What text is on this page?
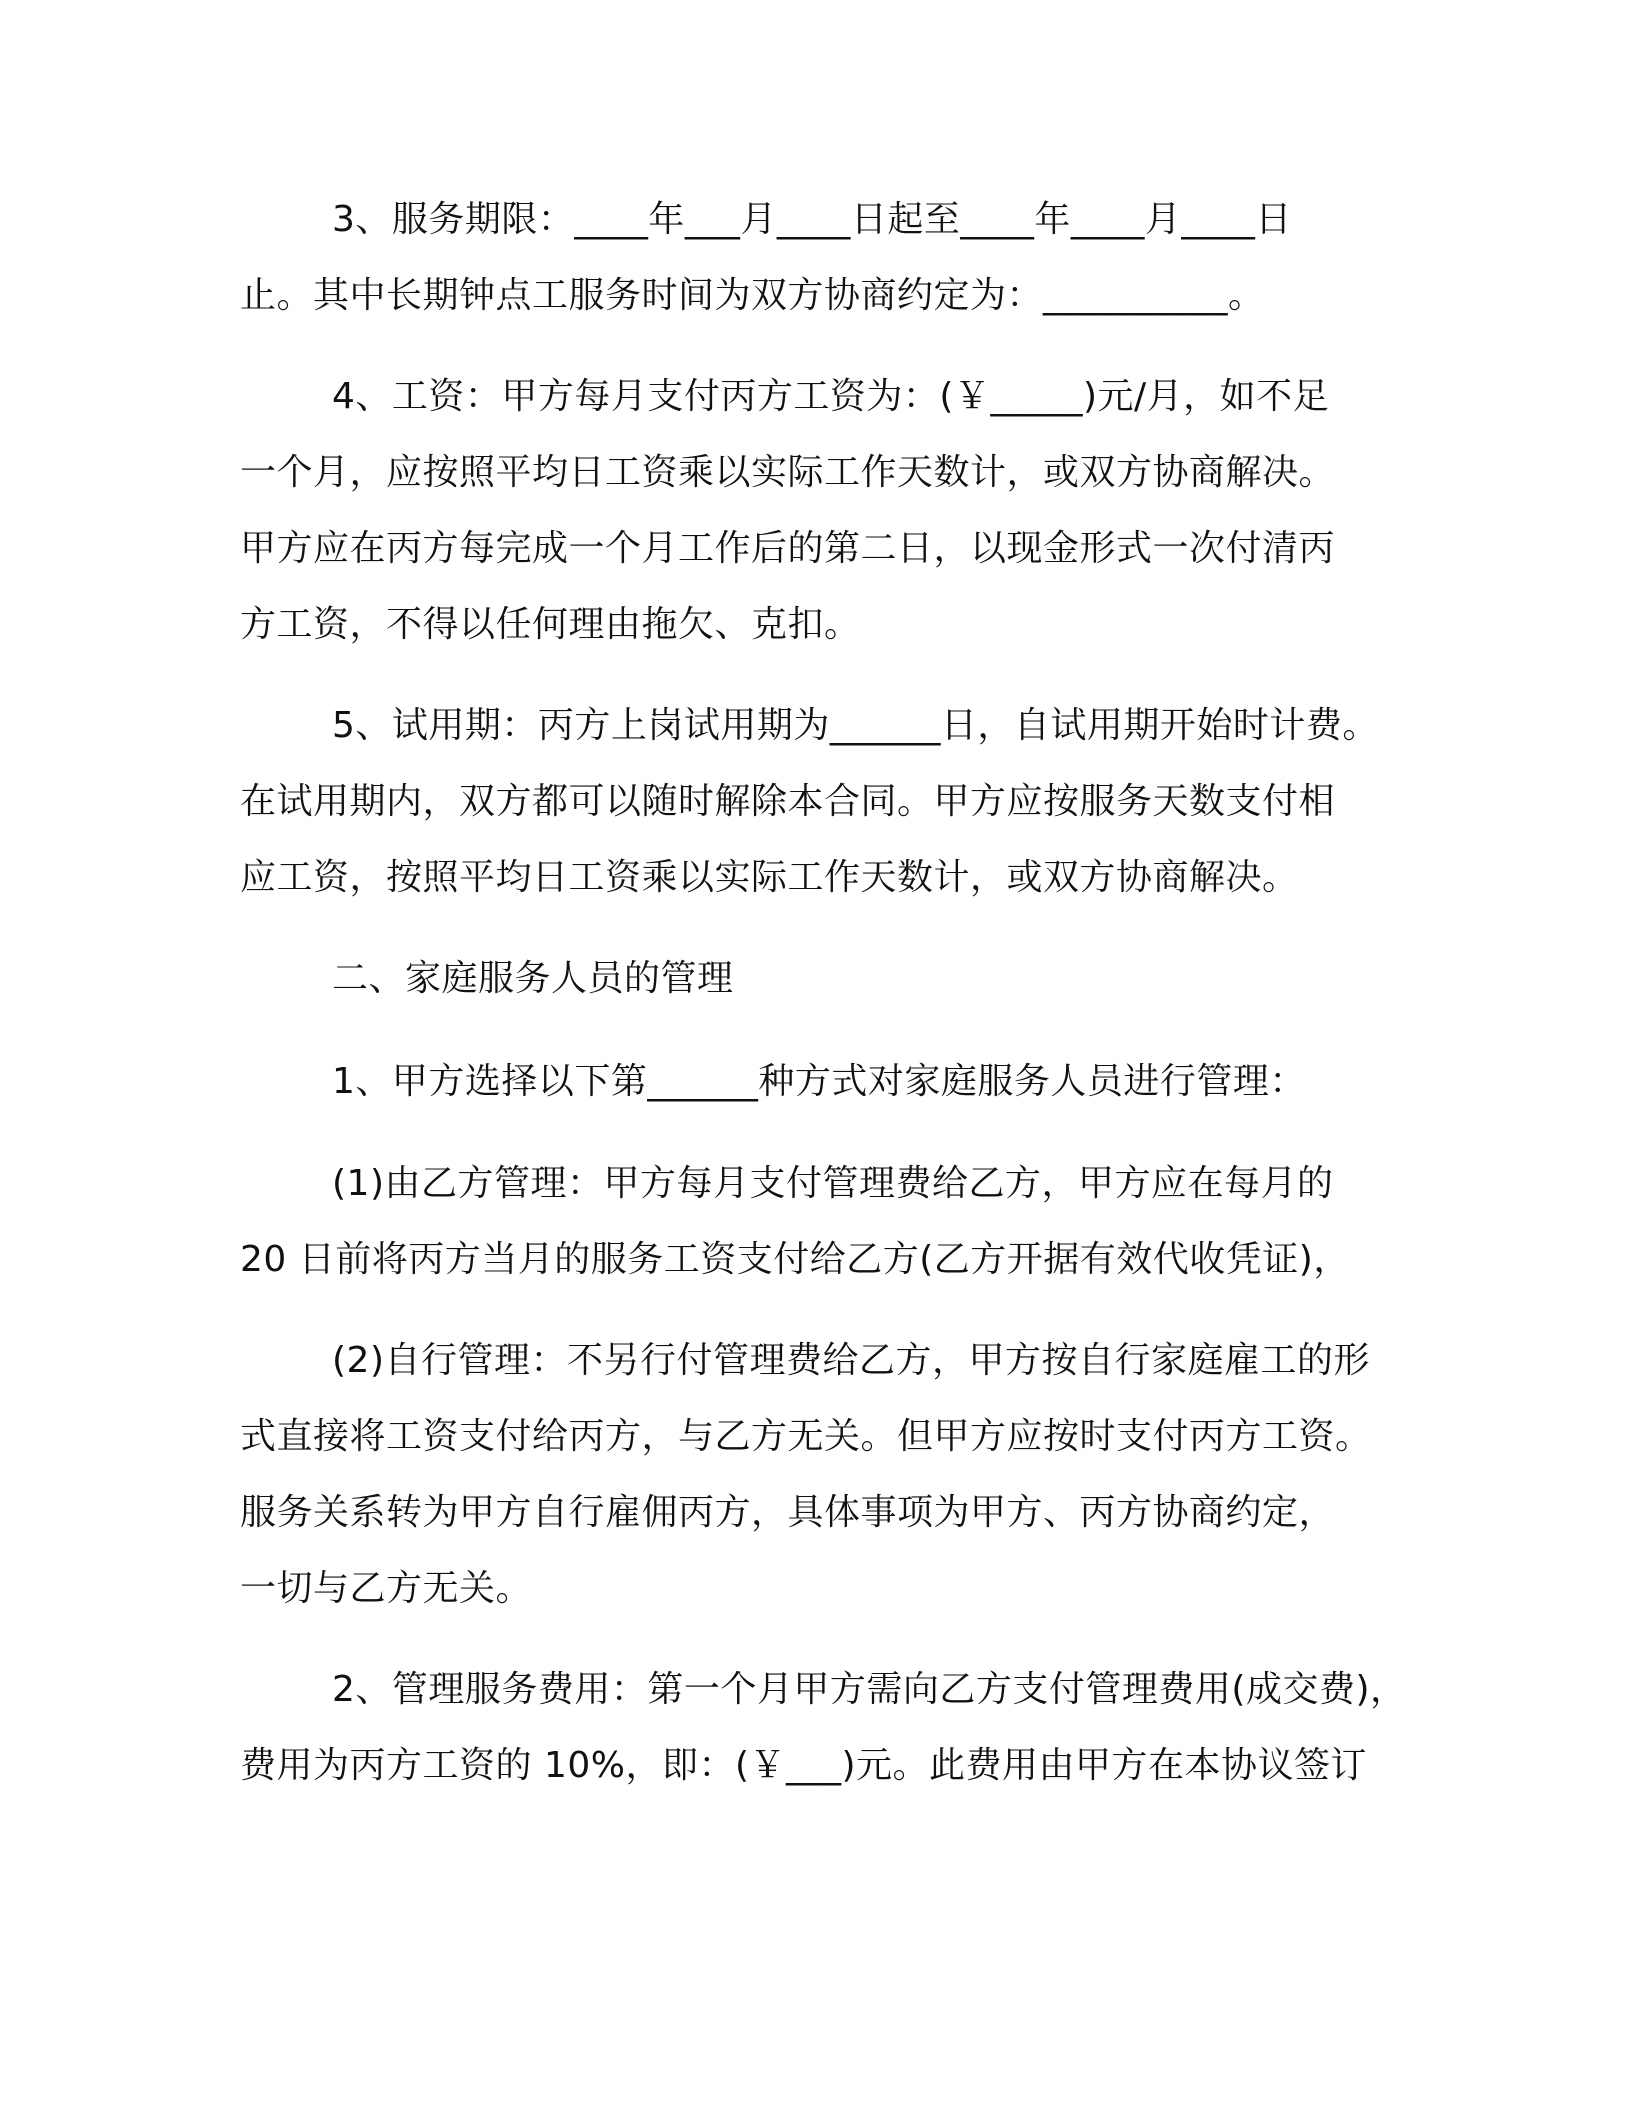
3、服务期限：____年___月____日起至____年____月____日
止。其中长期钟点工服务时间为双方协商约定为：__________。
4、工资：甲方每月支付丙方工资为：(￥_____)元/月，如不足
一个月，应按照平均日工资乘以实际工作天数计，或双方协商解决。
甲方应在丙方每完成一个月工作后的第二日，以现金形式一次付清丙
方工资，不得以任何理由拖欠、克扣。
5、试用期：丙方上岗试用期为______日，自试用期开始时计费。
在试用期内，双方都可以随时解除本合同。甲方应按服务天数支付相
应工资，按照平均日工资乘以实际工作天数计，或双方协商解决。
二、家庭服务人员的管理
1、甲方选择以下第______种方式对家庭服务人员进行管理：
(1)由乙方管理：甲方每月支付管理费给乙方，甲方应在每月的
20 日前将丙方当月的服务工资支付给乙方(乙方开据有效代收凭证)，
(2)自行管理：不另行付管理费给乙方，甲方按自行家庭雇工的形
式直接将工资支付给丙方，与乙方无关。但甲方应按时支付丙方工资。
服务关系转为甲方自行雇佣丙方，具体事项为甲方、丙方协商约定，
一切与乙方无关。
2、管理服务费用：第一个月甲方需向乙方支付管理费用(成交费)，
费用为丙方工资的 10%，即：(￥___)元。此费用由甲方在本协议签订
